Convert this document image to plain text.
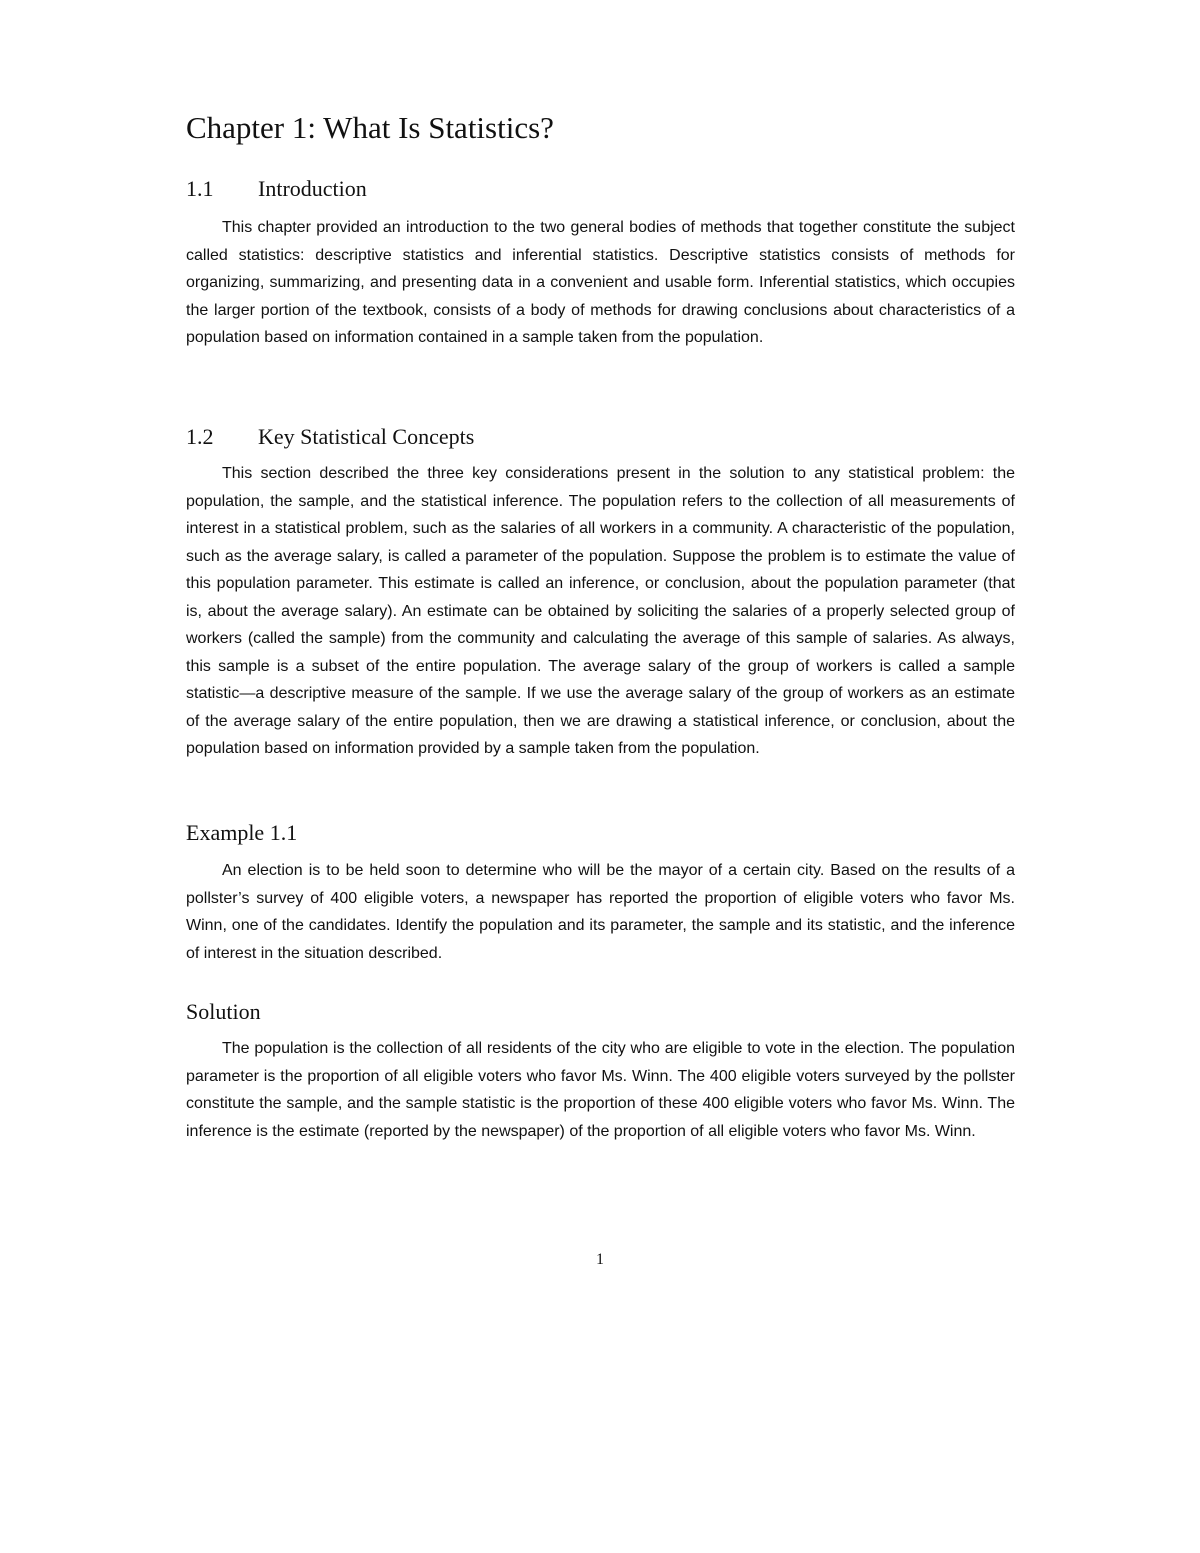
Chapter 1: What Is Statistics?
1.1 Introduction

This chapter provided an introduction to the two general bodies of methods that together constitute the subject called statistics: descriptive statistics and inferential statistics. Descriptive statistics consists of methods for organizing, summarizing, and presenting data in a convenient and usable form. Inferential statistics, which occupies the larger portion of the textbook, consists of a body of methods for drawing conclusions about characteristics of a population based on information contained in a sample taken from the population.

1.2 Key Statistical Concepts

This section described the three key considerations present in the solution to any statistical problem: the population, the sample, and the statistical inference. The population refers to the collection of all measurements of interest in a statistical problem, such as the salaries of all workers in a community. A characteristic of the population, such as the average salary, is called a parameter of the population. Suppose the problem is to estimate the value of this population parameter. This estimate is called an inference, or conclusion, about the population parameter (that is, about the average salary). An estimate can be obtained by soliciting the salaries of a properly selected group of workers (called the sample) from the community and calculating the average of this sample of salaries. As always, this sample is a subset of the entire population. The average salary of the group of workers is called a sample statistic—a descriptive measure of the sample. If we use the average salary of the group of workers as an estimate of the average salary of the entire population, then we are drawing a statistical inference, or conclusion, about the population based on information provided by a sample taken from the population.

Example 1.1

An election is to be held soon to determine who will be the mayor of a certain city. Based on the results of a pollster’s survey of 400 eligible voters, a newspaper has reported the proportion of eligible voters who favor Ms. Winn, one of the candidates. Identify the population and its parameter, the sample and its statistic, and the inference of interest in the situation described.

Solution

The population is the collection of all residents of the city who are eligible to vote in the election. The population parameter is the proportion of all eligible voters who favor Ms. Winn. The 400 eligible voters surveyed by the pollster constitute the sample, and the sample statistic is the proportion of these 400 eligible voters who favor Ms. Winn. The inference is the estimate (reported by the newspaper) of the proportion of all eligible voters who favor Ms. Winn.

1
